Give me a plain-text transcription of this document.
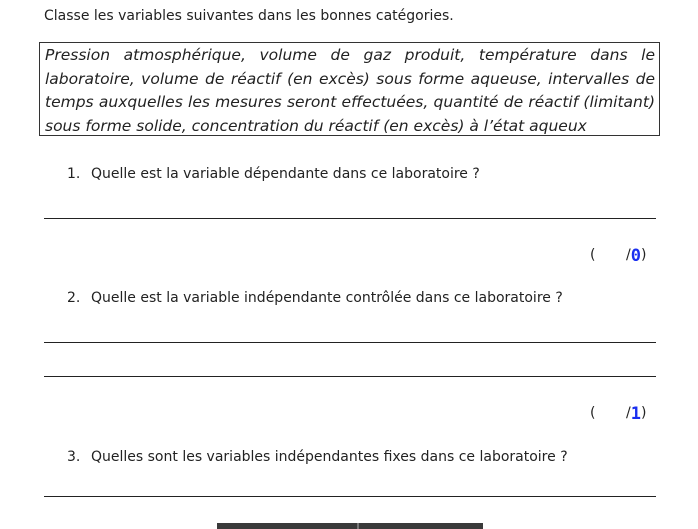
Classe les variables suivantes dans les bonnes catégories.
Pression atmosphérique, volume de gaz produit, température dans le laboratoire, volume de réactif (en excès) sous forme aqueuse, intervalles de temps auxquelles les mesures seront effectuées, quantité de réactif (limitant) sous forme solide, concentration du réactif (en excès) à l’état aqueux
1. Quelle est la variable dépendante dans ce laboratoire ?
( /0)
2. Quelle est la variable indépendante contrôlée dans ce laboratoire ?
( /1)
3. Quelles sont les variables indépendantes fixes dans ce laboratoire ?
